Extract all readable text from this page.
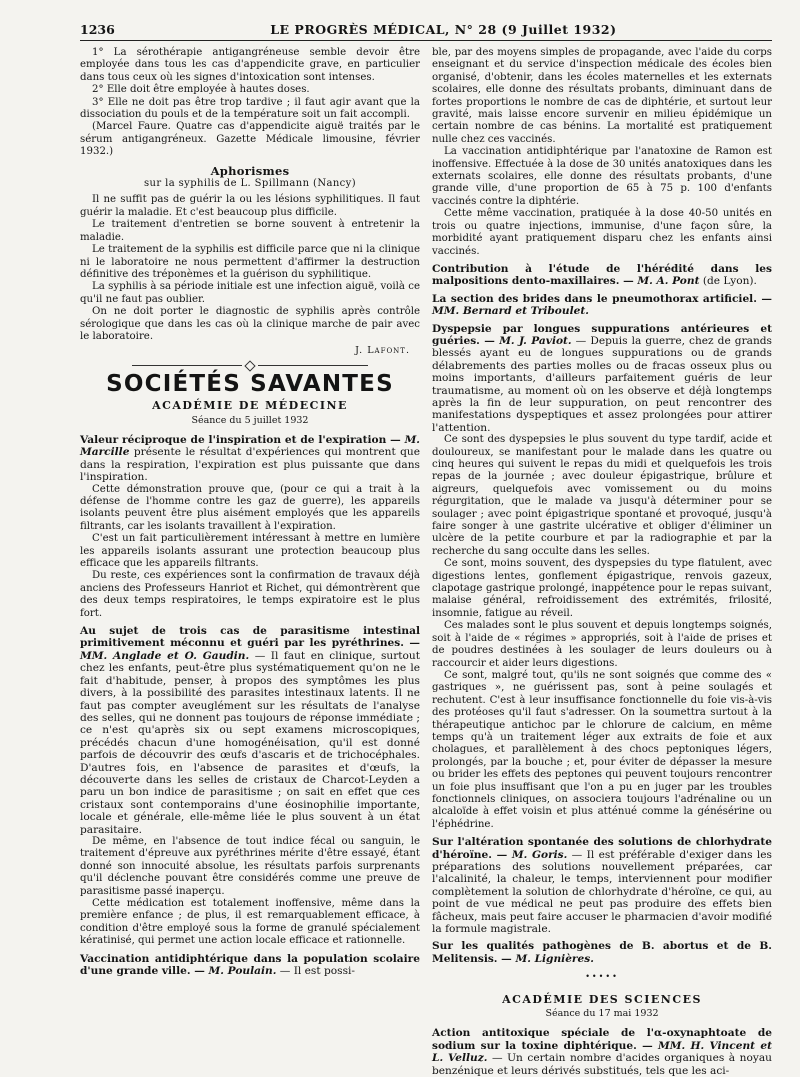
1236	LE PROGRÈS MÉDICAL, N° 28 (9 Juillet 1932)

1° La sérothérapie antigangréneuse semble devoir être employée dans tous les cas d'appendicite grave, en particulier dans tous ceux où les signes d'intoxication sont intenses.

2° Elle doit être employée à hautes doses.

3° Elle ne doit pas être trop tardive ; il faut agir avant que la dissociation du pouls et de la température soit un fait accompli.

(Marcel Faure. Quatre cas d'appendicite aiguë traités par le sérum antigangréneux. Gazette Médicale limousine, février 1932.)

Aphorismes
sur la syphilis de L. Spillmann (Nancy)

Il ne suffit pas de guérir la ou les lésions syphilitiques. Il faut guérir la maladie. Et c'est beaucoup plus difficile.

Le traitement d'entretien se borne souvent à entretenir la maladie.

Le traitement de la syphilis est difficile parce que ni la clinique ni le laboratoire ne nous permettent d'affirmer la destruction définitive des tréponèmes et la guérison du syphilitique.

La syphilis à sa période initiale est une infection aiguë, voilà ce qu'il ne faut pas oublier.

On ne doit porter le diagnostic de syphilis après contrôle sérologique que dans les cas où la clinique marche de pair avec le laboratoire.

J. Lafont.
SOCIÉTÉS SAVANTES
ACADÉMIE DE MÉDECINE
Séance du 5 juillet 1932
Valeur réciproque de l'inspiration et de l'expiration — M. Marcille présente le résultat d'expériences qui montrent que dans la respiration, l'expiration est plus puissante que dans l'inspiration.

Cette démonstration prouve que, (pour ce qui a trait à la défense de l'homme contre les gaz de guerre), les appareils isolants peuvent être plus aisément employés que les appareils filtrants, car les isolants travaillent à l'expiration.

C'est un fait particulièrement intéressant à mettre en lumière les appareils isolants assurant une protection beaucoup plus efficace que les appareils filtrants.

Du reste, ces expériences sont la confirmation de travaux déjà anciens des Professeurs Hanriot et Richet, qui démontrèrent que des deux temps respiratoires, le temps expiratoire est le plus fort.

Au sujet de trois cas de parasitisme intestinal primitivement méconnu et guéri par les pyréthrines. — MM. Anglade et O. Gaudin. — Il faut en clinique, surtout chez les enfants, peut-être plus systématiquement qu'on ne le fait d'habitude, penser, à propos des symptômes les plus divers, à la possibilité des parasites intestinaux latents. Il ne faut pas compter aveuglément sur les résultats de l'analyse des selles, qui ne donnent pas toujours de réponse immédiate ; ce n'est qu'après six ou sept examens microscopiques, précédés chacun d'une homogénéisation, qu'il est donné parfois de découvrir des œufs d'ascaris et de trichocéphales. D'autres fois, en l'absence de parasites et d'œufs, la découverte dans les selles de cristaux de Charcot-Leyden a paru un bon indice de parasitisme ; on sait en effet que ces cristaux sont contemporains d'une éosinophilie importante, locale et générale, elle-même liée le plus souvent à un état parasitaire.

De même, en l'absence de tout indice fécal ou sanguin, le traitement d'épreuve aux pyréthrines mérite d'être essayé, étant donné son innocuité absolue, les résultats parfois surprenants qu'il déclenche pouvant être considérés comme une preuve de parasitisme passé inaperçu.

Cette médication est totalement inoffensive, même dans la première enfance ; de plus, il est remarquablement efficace, à condition d'être employé sous la forme de granulé spécialement kératinisé, qui permet une action locale efficace et rationnelle.

Vaccination antidiphtérique dans la population scolaire d'une grande ville. — M. Poulain. — Il est possi-

ble, par des moyens simples de propagande, avec l'aide du corps enseignant et du service d'inspection médicale des écoles bien organisé, d'obtenir, dans les écoles maternelles et les externats scolaires, elle donne des résultats probants, diminuant dans de fortes proportions le nombre de cas de diphtérie, et surtout leur gravité, mais laisse encore survenir en milieu épidémique un certain nombre de cas bénins. La mortalité est pratiquement nulle chez ces vaccinés.

La vaccination antidiphtérique par l'anatoxine de Ramon est inoffensive. Effectuée à la dose de 30 unités anatoxiques dans les externats scolaires, elle donne des résultats probants, d'une grande ville, d'une proportion de 65 à 75 p. 100 d'enfants vaccinés contre la diphtérie.

Cette même vaccination, pratiquée à la dose 40-50 unités en trois ou quatre injections, immunise, d'une façon sûre, la morbidité ayant pratiquement disparu chez les enfants ainsi vaccinés.

Contribution à l'étude de l'hérédité dans les malpositions dento-maxillaires. — M. A. Pont (de Lyon).
La section des brides dans le pneumothorax artificiel. — MM. Bernard et Triboulet.
Dyspepsie par longues suppurations antérieures et guéries. — M. J. Paviot. — Depuis la guerre, chez de grands blessés ayant eu de longues suppurations ou de grands délabrements des parties molles ou de fracas osseux plus ou moins importants, d'ailleurs parfaitement guéris de leur traumatisme, au moment où on les observe et déjà longtemps après la fin de leur suppuration, on peut rencontrer des manifestations dyspeptiques et assez prolongées pour attirer l'attention.

Ce sont des dyspepsies le plus souvent du type tardif, acide et douloureux, se manifestant pour le malade dans les quatre ou cinq heures qui suivent le repas du midi et quelquefois les trois repas de la journée ; avec douleur épigastrique, brûlure et aigreurs, quelquefois avec vomissement ou du moins régurgitation, que le malade va jusqu'à déterminer pour se soulager ; avec point épigastrique spontané et provoqué, jusqu'à faire songer à une gastrite ulcérative et obliger d'éliminer un ulcère de la petite courbure et par la radiographie et par la recherche du sang occulte dans les selles.

Ce sont, moins souvent, des dyspepsies du type flatulent, avec digestions lentes, gonflement épigastrique, renvois gazeux, clapotage gastrique prolongé, inappétence pour le repas suivant, malaise général, refroidissement des extrémités, frilosité, insomnie, fatigue au réveil.

Ces malades sont le plus souvent et depuis longtemps soignés, soit à l'aide de « régimes » appropriés, soit à l'aide de prises et de poudres destinées à les soulager de leurs douleurs ou à raccourcir et aider leurs digestions.

Ce sont, malgré tout, qu'ils ne sont soignés que comme des « gastriques », ne guérissent pas, sont à peine soulagés et rechutent. C'est à leur insuffisance fonctionnelle du foie vis-à-vis des protéoses qu'il faut s'adresser. On la soumettra surtout à la thérapeutique antichoc par le chlorure de calcium, en même temps qu'à un traitement léger aux extraits de foie et aux cholagues, et parallèlement à des chocs peptoniques légers, prolongés, par la bouche ; et, pour éviter de dépasser la mesure ou brider les effets des peptones qui peuvent toujours rencontrer un foie plus insuffisant que l'on a pu en juger par les troubles fonctionnels cliniques, on associera toujours l'adrénaline ou un alcaloïde à effet voisin et plus atténué comme la génésérine ou l'éphédrine.

Sur l'altération spontanée des solutions de chlorhydrate d'héroïne. — M. Goris. — Il est préférable d'exiger dans les préparations des solutions nouvellement préparées, car l'alcalinité, la chaleur, le temps, interviennent pour modifier complètement la solution de chlorhydrate d'héroïne, ce qui, au point de vue médical ne peut pas produire des effets bien fâcheux, mais peut faire accuser le pharmacien d'avoir modifié la formule magistrale.
Sur les qualités pathogènes de B. abortus et de B. Melitensis. — M. Lignières.
•••••
ACADÉMIE DES SCIENCES
Séance du 17 mai 1932
Action antitoxique spéciale de l'α-oxynaphtoate de sodium sur la toxine diphtérique. — MM. H. Vincent et L. Velluz. — Un certain nombre d'acides organiques à noyau benzénique et leurs dérivés substitués, tels que les aci-
